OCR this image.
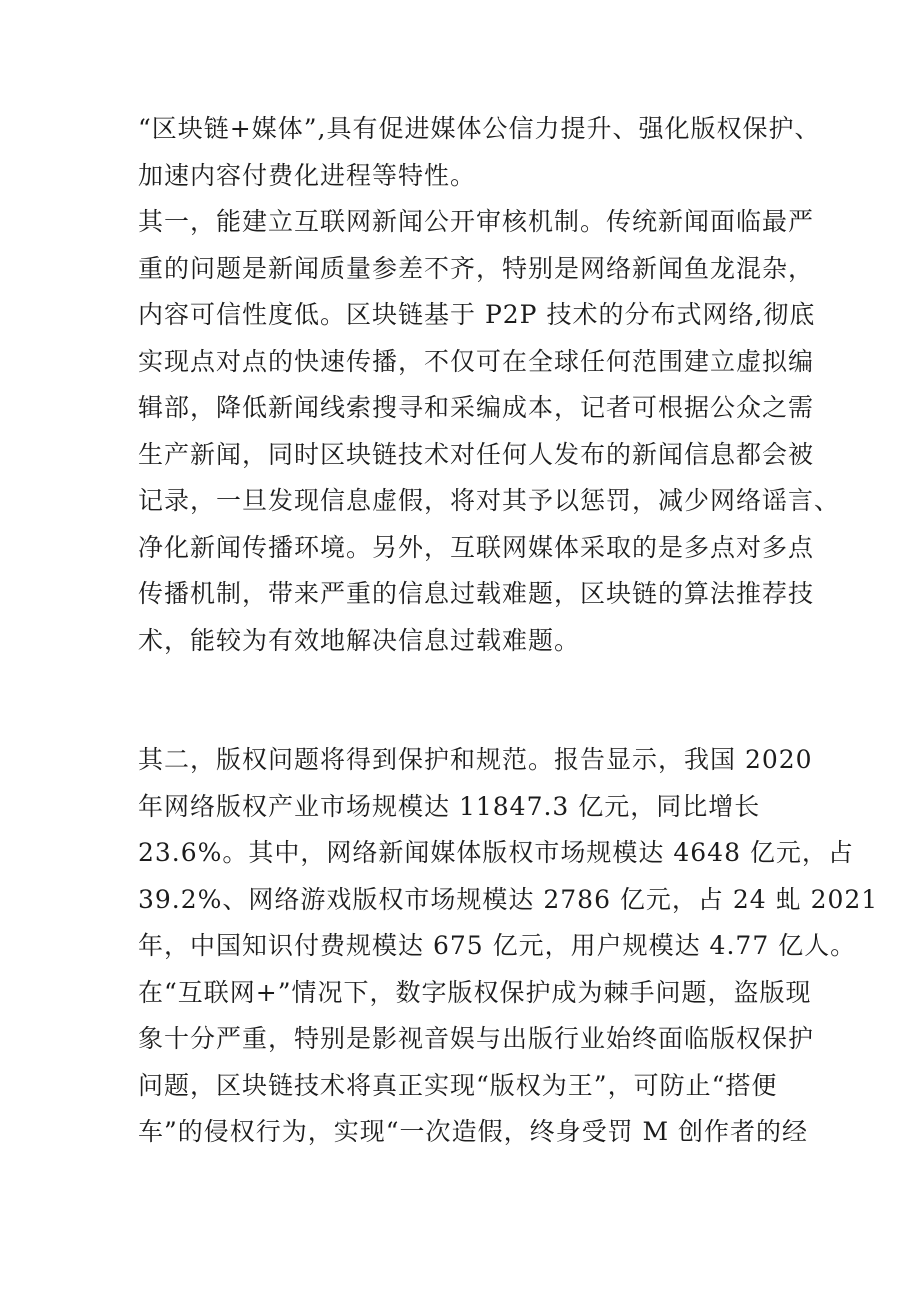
“区块链+媒体”,具有促进媒体公信力提升、强化版权保护、
加速内容付费化进程等特性。
其一，能建立互联网新闻公开审核机制。传统新闻面临最严
重的问题是新闻质量参差不齐，特别是网络新闻鱼龙混杂，
内容可信性度低。区块链基于 P2P 技术的分布式网络,彻底
实现点对点的快速传播，不仅可在全球任何范围建立虚拟编
辑部，降低新闻线索搜寻和采编成本，记者可根据公众之需
生产新闻，同时区块链技术对任何人发布的新闻信息都会被
记录，一旦发现信息虚假，将对其予以惩罚，减少网络谣言、
净化新闻传播环境。另外，互联网媒体采取的是多点对多点
传播机制，带来严重的信息过载难题，区块链的算法推荐技
术，能较为有效地解决信息过载难题。
其二，版权问题将得到保护和规范。报告显示，我国 2020
年网络版权产业市场规模达 11847.3 亿元，同比增长
23.6%。其中，网络新闻媒体版权市场规模达 4648 亿元，占
39.2%、网络游戏版权市场规模达 2786 亿元，占 24 虬 2021
年，中国知识付费规模达 675 亿元，用户规模达 4.77 亿人。
在“互联网+”情况下，数字版权保护成为棘手问题，盗版现
象十分严重，特别是影视音娱与出版行业始终面临版权保护
问题，区块链技术将真正实现“版权为王”，可防止“搭便
车”的侵权行为，实现“一次造假，终身受罚 M 创作者的经
